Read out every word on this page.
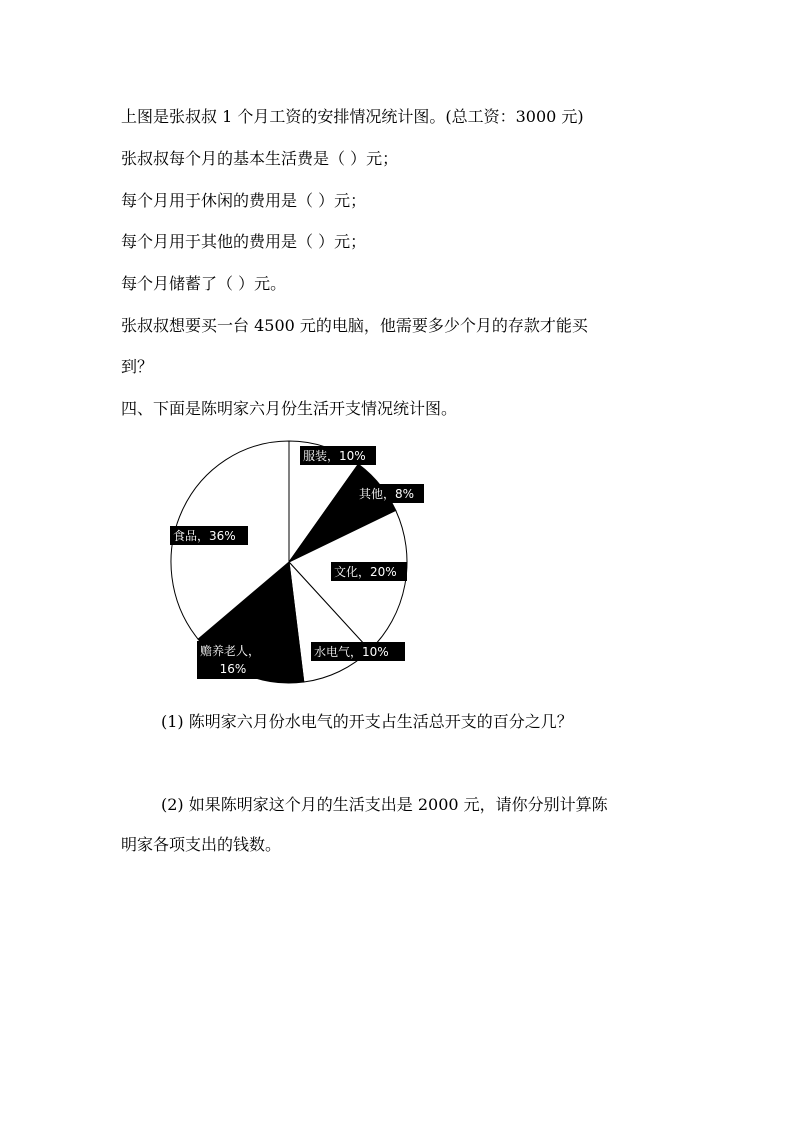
上图是张叔叔 1 个月工资的安排情况统计图。(总工资：3000 元)
张叔叔每个月的基本生活费是（ ）元；
每个月用于休闲的费用是（ ）元；
每个月用于其他的费用是（ ）元；
每个月储蓄了（ ）元。
张叔叔想要买一台 4500 元的电脑，他需要多少个月的存款才能买
到？
四、下面是陈明家六月份生活开支情况统计图。
服装，10%
其他，8%
文化，20%
水电气，10%
赡养老人，
16%
食品，36%
(1) 陈明家六月份水电气的开支占生活总开支的百分之几？
(2) 如果陈明家这个月的生活支出是 2000 元，请你分别计算陈
明家各项支出的钱数。
